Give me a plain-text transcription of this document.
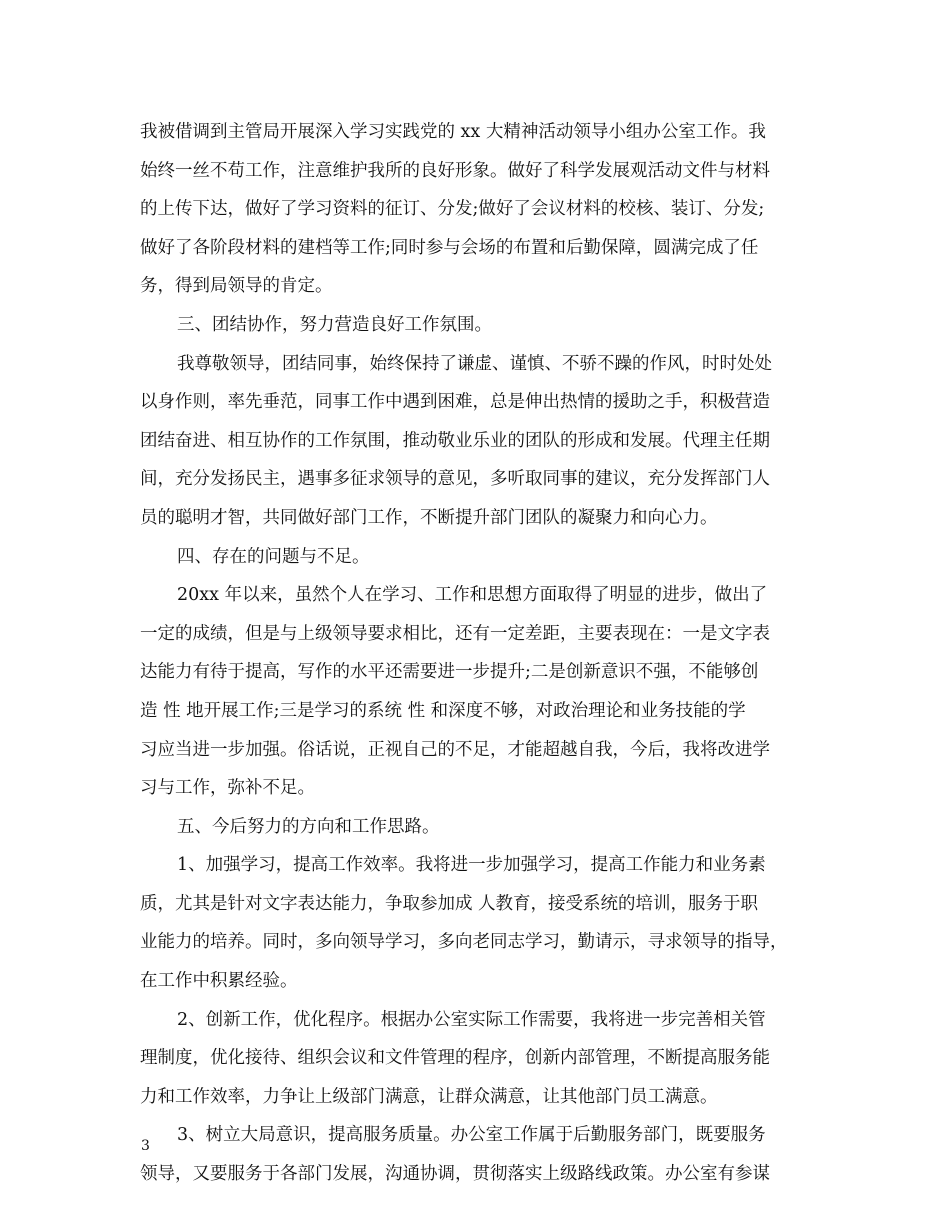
我被借调到主管局开展深入学习实践党的 xx 大精神活动领导小组办公室工作。我
始终一丝不苟工作，注意维护我所的良好形象。做好了科学发展观活动文件与材料
的上传下达，做好了学习资料的征订、分发;做好了会议材料的校核、装订、分发;
做好了各阶段材料的建档等工作;同时参与会场的布置和后勤保障，圆满完成了任
务，得到局领导的肯定。
三、团结协作，努力营造良好工作氛围。
我尊敬领导，团结同事，始终保持了谦虚、谨慎、不骄不躁的作风，时时处处
以身作则，率先垂范，同事工作中遇到困难，总是伸出热情的援助之手，积极营造
团结奋进、相互协作的工作氛围，推动敬业乐业的团队的形成和发展。代理主任期
间，充分发扬民主，遇事多征求领导的意见，多听取同事的建议，充分发挥部门人
员的聪明才智，共同做好部门工作，不断提升部门团队的凝聚力和向心力。
四、存在的问题与不足。
20xx 年以来，虽然个人在学习、工作和思想方面取得了明显的进步，做出了
一定的成绩，但是与上级领导要求相比，还有一定差距，主要表现在：一是文字表
达能力有待于提高，写作的水平还需要进一步提升;二是创新意识不强，不能够创
造 性 地开展工作;三是学习的系统 性 和深度不够，对政治理论和业务技能的学
习应当进一步加强。俗话说，正视自己的不足，才能超越自我，今后，我将改进学
习与工作，弥补不足。
五、今后努力的方向和工作思路。
1、加强学习，提高工作效率。我将进一步加强学习，提高工作能力和业务素
质，尤其是针对文字表达能力，争取参加成 人教育，接受系统的培训，服务于职
业能力的培养。同时，多向领导学习，多向老同志学习，勤请示，寻求领导的指导，
在工作中积累经验。
2、创新工作，优化程序。根据办公室实际工作需要，我将进一步完善相关管
理制度，优化接待、组织会议和文件管理的程序，创新内部管理，不断提高服务能
力和工作效率，力争让上级部门满意，让群众满意，让其他部门员工满意。
3、树立大局意识，提高服务质量。办公室工作属于后勤服务部门，既要服务
领导，又要服务于各部门发展，沟通协调，贯彻落实上级路线政策。办公室有参谋
3
